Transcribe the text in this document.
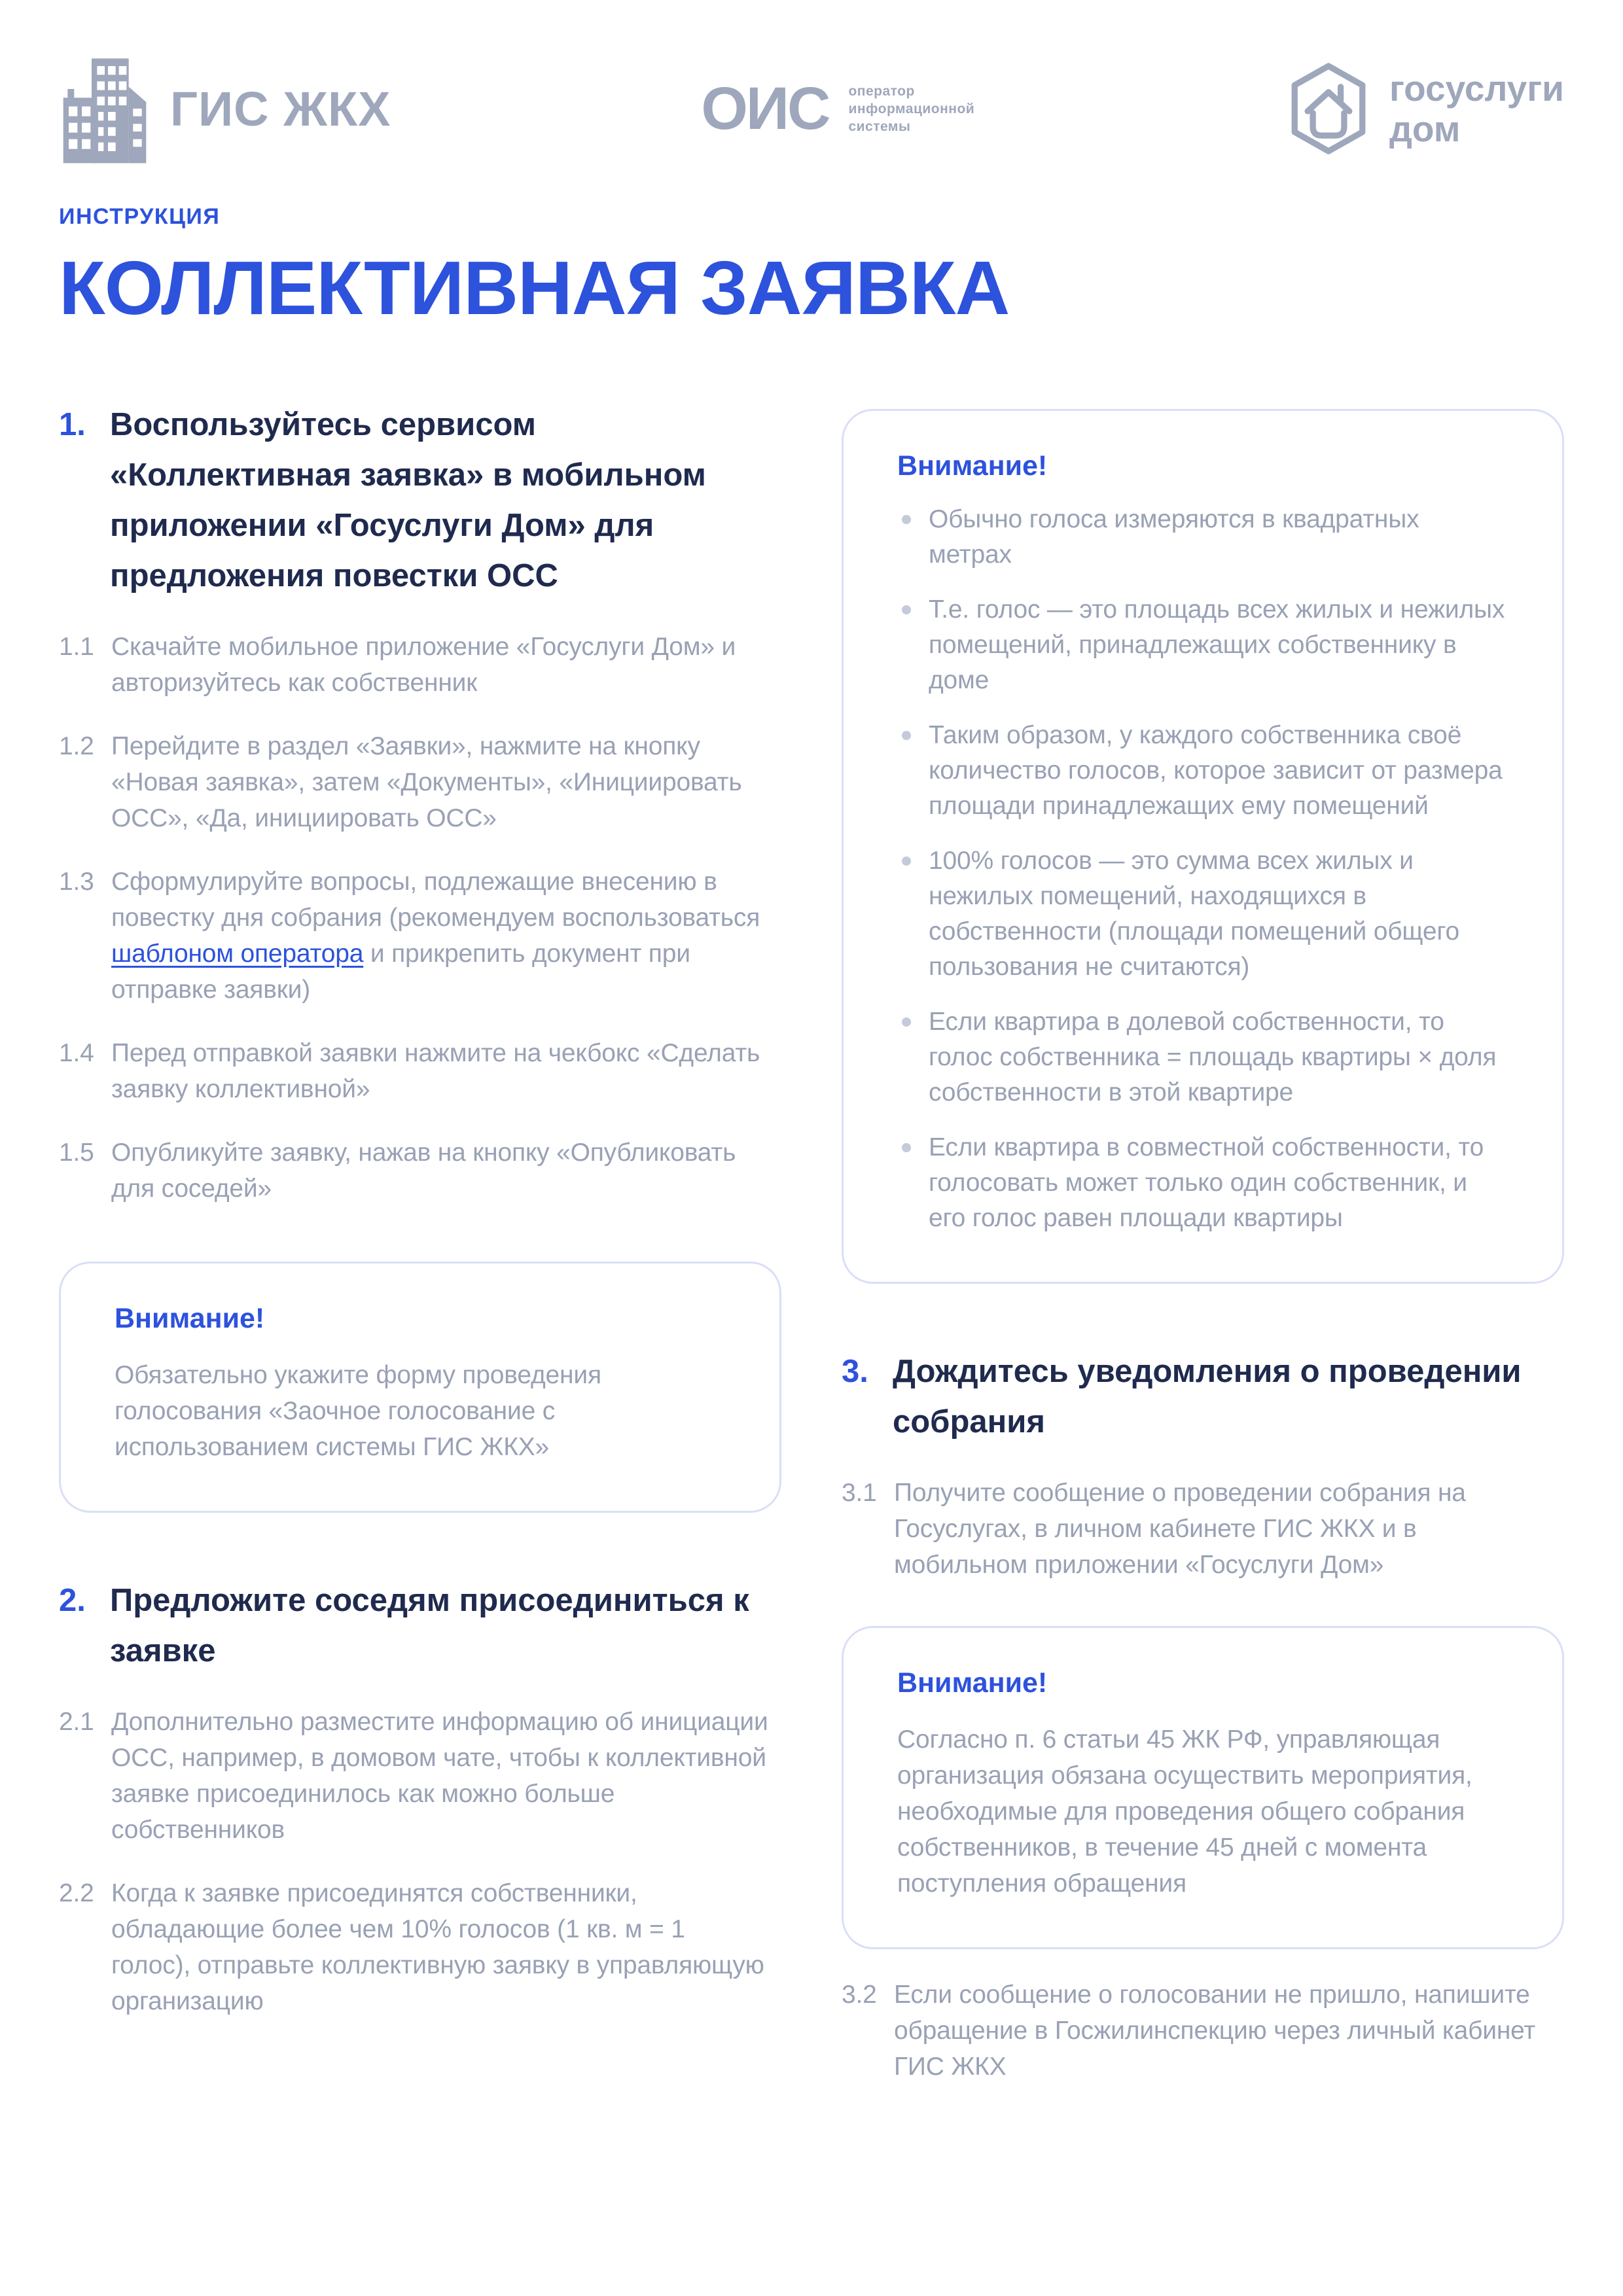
ГИС ЖКХ	ОИС оператор
информационной
системы
госуслуги
дом
ИНСТРУКЦИЯ
КОЛЛЕКТИВНАЯ ЗАЯВКА
1. Воспользуйтесь сервисом «Коллективная заявка» в мобильном приложении «Госуслуги Дом» для предложения повестки ОСС
1.1 Скачайте мобильное приложение «Госуслуги Дом» и авторизуйтесь как собственник
1.2 Перейдите в раздел «Заявки», нажмите на кнопку «Новая заявка», затем «Документы», «Инициировать ОСС», «Да, инициировать ОСС»
1.3 Сформулируйте вопросы, подлежащие внесению в повестку дня собрания (рекомендуем воспользоваться шаблоном оператора и прикрепить документ при отправке заявки)
1.4 Перед отправкой заявки нажмите на чекбокс «Сделать заявку коллективной»
1.5 Опубликуйте заявку, нажав на кнопку «Опубликовать для соседей»
Внимание!

Обязательно укажите форму проведения голосования «Заочное голосование с использованием системы ГИС ЖКХ»

2. Предложите соседям присоединиться к заявке
2.1 Дополнительно разместите информацию об инициации ОСС, например, в домовом чате, чтобы к коллективной заявке присоединилось как можно больше собственников
2.2 Когда к заявке присоединятся собственники, обладающие более чем 10% голосов (1 кв. м = 1 голос), отправьте коллективную заявку в управляющую организацию
Внимание!
Обычно голоса измеряются в квадратных метрах
Т.е. голос — это площадь всех жилых и нежилых помещений, принадлежащих собственнику в доме
Таким образом, у каждого собственника своё количество голосов, которое зависит от размера площади принадлежащих ему помещений
100% голосов — это сумма всех жилых и нежилых помещений, находящихся в собственности (площади помещений общего пользования не считаются)
Если квартира в долевой собственности, то голос собственника = площадь квартиры × доля собственности в этой квартире
Если квартира в совместной собственности, то голосовать может только один собственник, и его голос равен площади квартиры
3. Дождитесь уведомления о проведении собрания
3.1 Получите сообщение о проведении собрания на Госуслугах, в личном кабинете ГИС ЖКХ и в мобильном приложении «Госуслуги Дом»
Внимание!

Согласно п. 6 статьи 45 ЖК РФ, управляющая организация обязана осуществить мероприятия, необходимые для проведения общего собрания собственников, в течение 45 дней с момента поступления обращения

3.2 Если сообщение о голосовании не пришло, напишите обращение в Госжилинспекцию через личный кабинет ГИС ЖКХ
